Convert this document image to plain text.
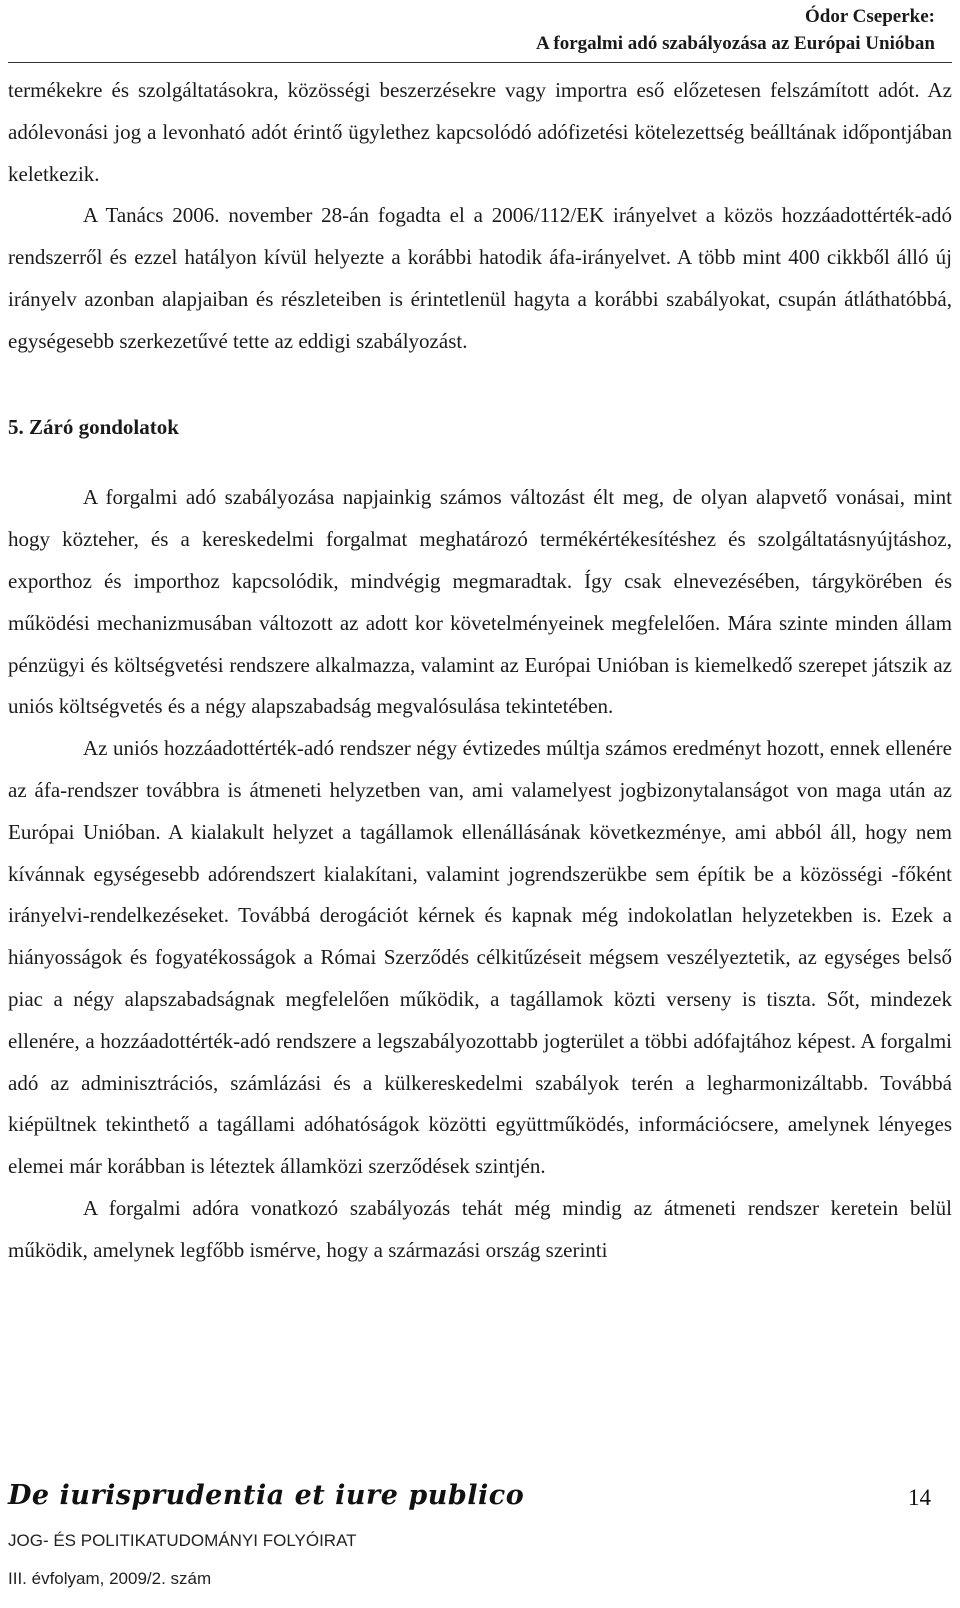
Ódor Cseperke:
A forgalmi adó szabályozása az Európai Unióban

termékekre és szolgáltatásokra, közösségi beszerzésekre vagy importra eső előzetesen felszámított adót. Az adólevonási jog a levonható adót érintő ügylethez kapcsolódó adófizetési kötelezettség beálltának időpontjában keletkezik.

A Tanács 2006. november 28-án fogadta el a 2006/112/EK irányelvet a közös hozzáadottérték-adó rendszerről és ezzel hatályon kívül helyezte a korábbi hatodik áfa-irányelvet. A több mint 400 cikkből álló új irányelv azonban alapjaiban és részleteiben is érintetlenül hagyta a korábbi szabályokat, csupán átláthatóbbá, egységesebb szerkezetűvé tette az eddigi szabályozást.

5. Záró gondolatok

A forgalmi adó szabályozása napjainkig számos változást élt meg, de olyan alapvető vonásai, mint hogy közteher, és a kereskedelmi forgalmat meghatározó termékértékesítéshez és szolgáltatásnyújtáshoz, exporthoz és importhoz kapcsolódik, mindvégig megmaradtak. Így csak elnevezésében, tárgykörében és működési mechanizmusában változott az adott kor követelményeinek megfelelően. Mára szinte minden állam pénzügyi és költségvetési rendszere alkalmazza, valamint az Európai Unióban is kiemelkedő szerepet játszik az uniós költségvetés és a négy alapszabadság megvalósulása tekintetében.

Az uniós hozzáadottérték-adó rendszer négy évtizedes múltja számos eredményt hozott, ennek ellenére az áfa-rendszer továbbra is átmeneti helyzetben van, ami valamelyest jogbizonytalanságot von maga után az Európai Unióban. A kialakult helyzet a tagállamok ellenállásának következménye, ami abból áll, hogy nem kívánnak egységesebb adórendszert kialakítani, valamint jogrendszerükbe sem építik be a közösségi -főként irányelvi-rendelkezéseket. Továbbá derogációt kérnek és kapnak még indokolatlan helyzetekben is. Ezek a hiányosságok és fogyatékosságok a Római Szerződés célkitűzéseit mégsem veszélyeztetik, az egységes belső piac a négy alapszabadságnak megfelelően működik, a tagállamok közti verseny is tiszta. Sőt, mindezek ellenére, a hozzáadottérték-adó rendszere a legszabályozottabb jogterület a többi adófajtához képest. A forgalmi adó az adminisztrációs, számlázási és a külkereskedelmi szabályok terén a legharmonizáltabb. Továbbá kiépültnek tekinthető a tagállami adóhatóságok közötti együttműködés, információcsere, amelynek lényeges elemei már korábban is léteztek államközi szerződések szintjén.

A forgalmi adóra vonatkozó szabályozás tehát még mindig az átmeneti rendszer keretein belül működik, amelynek legfőbb ismérve, hogy a származási ország szerinti

De iurisprudentia et iure publico
JOG- ÉS POLITIKATUDOMÁNYI FOLYÓIRAT
III. évfolyam, 2009/2. szám
14
